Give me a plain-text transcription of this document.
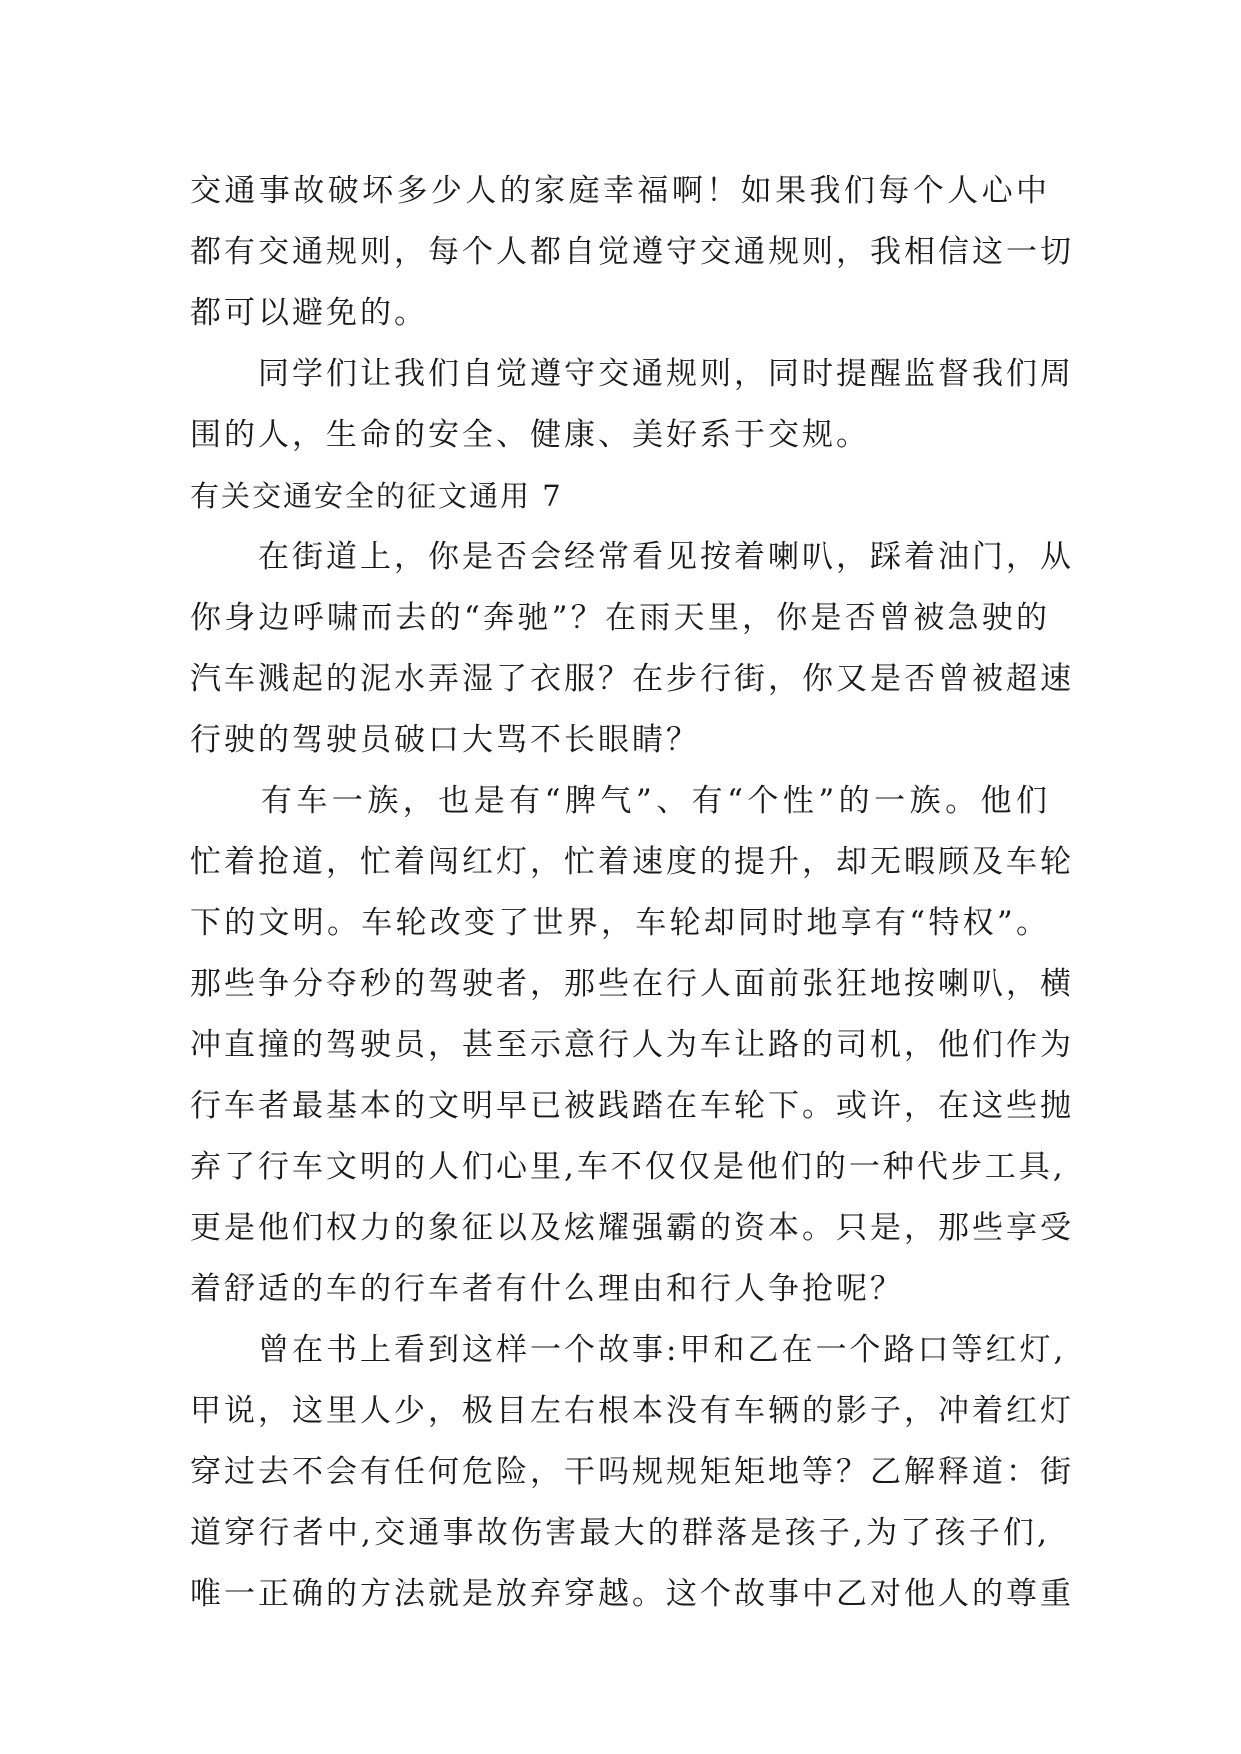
交通事故破坏多少人的家庭幸福啊！如果我们每个人心中
都有交通规则，每个人都自觉遵守交通规则，我相信这一切
都可以避免的。
　　同学们让我们自觉遵守交通规则，同时提醒监督我们周
围的人，生命的安全、健康、美好系于交规。
有关交通安全的征文通用 7
　　在街道上，你是否会经常看见按着喇叭，踩着油门，从
你身边呼啸而去的“奔驰”？在雨天里，你是否曾被急驶的
汽车溅起的泥水弄湿了衣服？在步行街，你又是否曾被超速
行驶的驾驶员破口大骂不长眼睛？
　　有车一族，也是有“脾气”、有“个性”的一族。他们
忙着抢道，忙着闯红灯，忙着速度的提升，却无暇顾及车轮
下的文明。车轮改变了世界，车轮却同时地享有“特权”。
那些争分夺秒的驾驶者，那些在行人面前张狂地按喇叭，横
冲直撞的驾驶员，甚至示意行人为车让路的司机，他们作为
行车者最基本的文明早已被践踏在车轮下。或许，在这些抛
弃了行车文明的人们心里,车不仅仅是他们的一种代步工具,
更是他们权力的象征以及炫耀强霸的资本。只是，那些享受
着舒适的车的行车者有什么理由和行人争抢呢？
　　曾在书上看到这样一个故事:甲和乙在一个路口等红灯,
甲说，这里人少，极目左右根本没有车辆的影子，冲着红灯
穿过去不会有任何危险，干吗规规矩矩地等？乙解释道：街
道穿行者中,交通事故伤害最大的群落是孩子,为了孩子们,
唯一正确的方法就是放弃穿越。这个故事中乙对他人的尊重
